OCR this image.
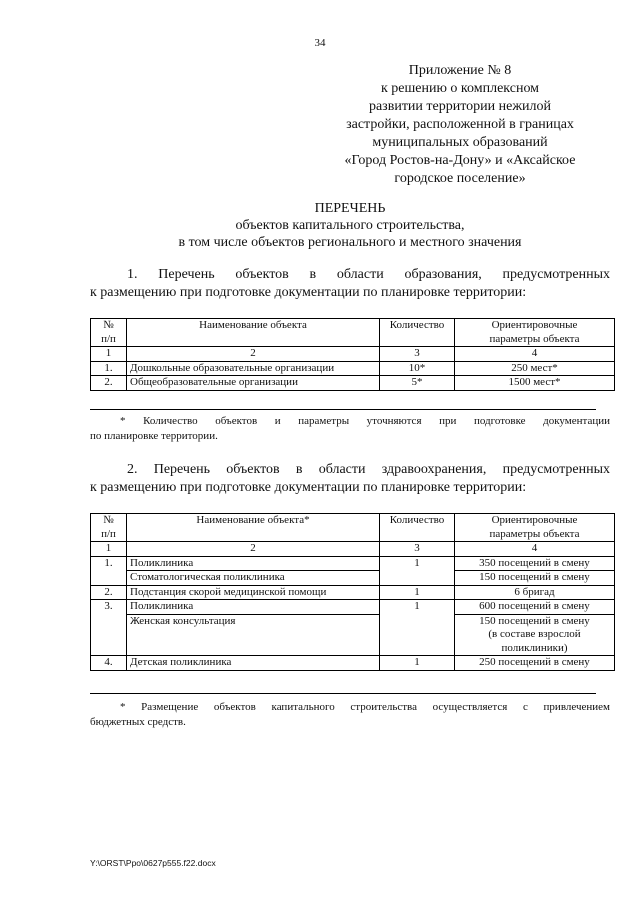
34
Приложение № 8
к решению о комплексном
развитии территории нежилой
застройки, расположенной в границах
муниципальных образований
«Город Ростов-на-Дону» и «Аксайское
городское поселение»
ПЕРЕЧЕНЬ
объектов капитального строительства,
в том числе объектов регионального и местного значения
1. Перечень объектов в области образования, предусмотренных
к размещению при подготовке документации по планировке территории:
№
п/п	Наименование объекта	Количество	Ориентировочные
параметры объекта
1	2	3	4
1.	Дошкольные образовательные организации	10*	250 мест*
2.	Общеобразовательные организации	5*	1500 мест*
* Количество объектов и параметры уточняются при подготовке документации
по планировке территории.
2. Перечень объектов в области здравоохранения, предусмотренных
к размещению при подготовке документации по планировке территории:
№
п/п	Наименование объекта*	Количество	Ориентировочные
параметры объекта
1	2	3	4
1.	Поликлиника	1	350 посещений в смену
	Стоматологическая поликлиника		150 посещений в смену
2.	Подстанция скорой медицинской помощи	1	6 бригад
3.	Поликлиника	1	600 посещений в смену
	Женская консультация		150 посещений в смену
(в составе взрослой
поликлиники)
4.	Детская поликлиника	1	250 посещений в смену
* Размещение объектов капитального строительства осуществляется с привлечением
бюджетных средств.
Y:\ORST\Ppo\0627p555.f22.docx
